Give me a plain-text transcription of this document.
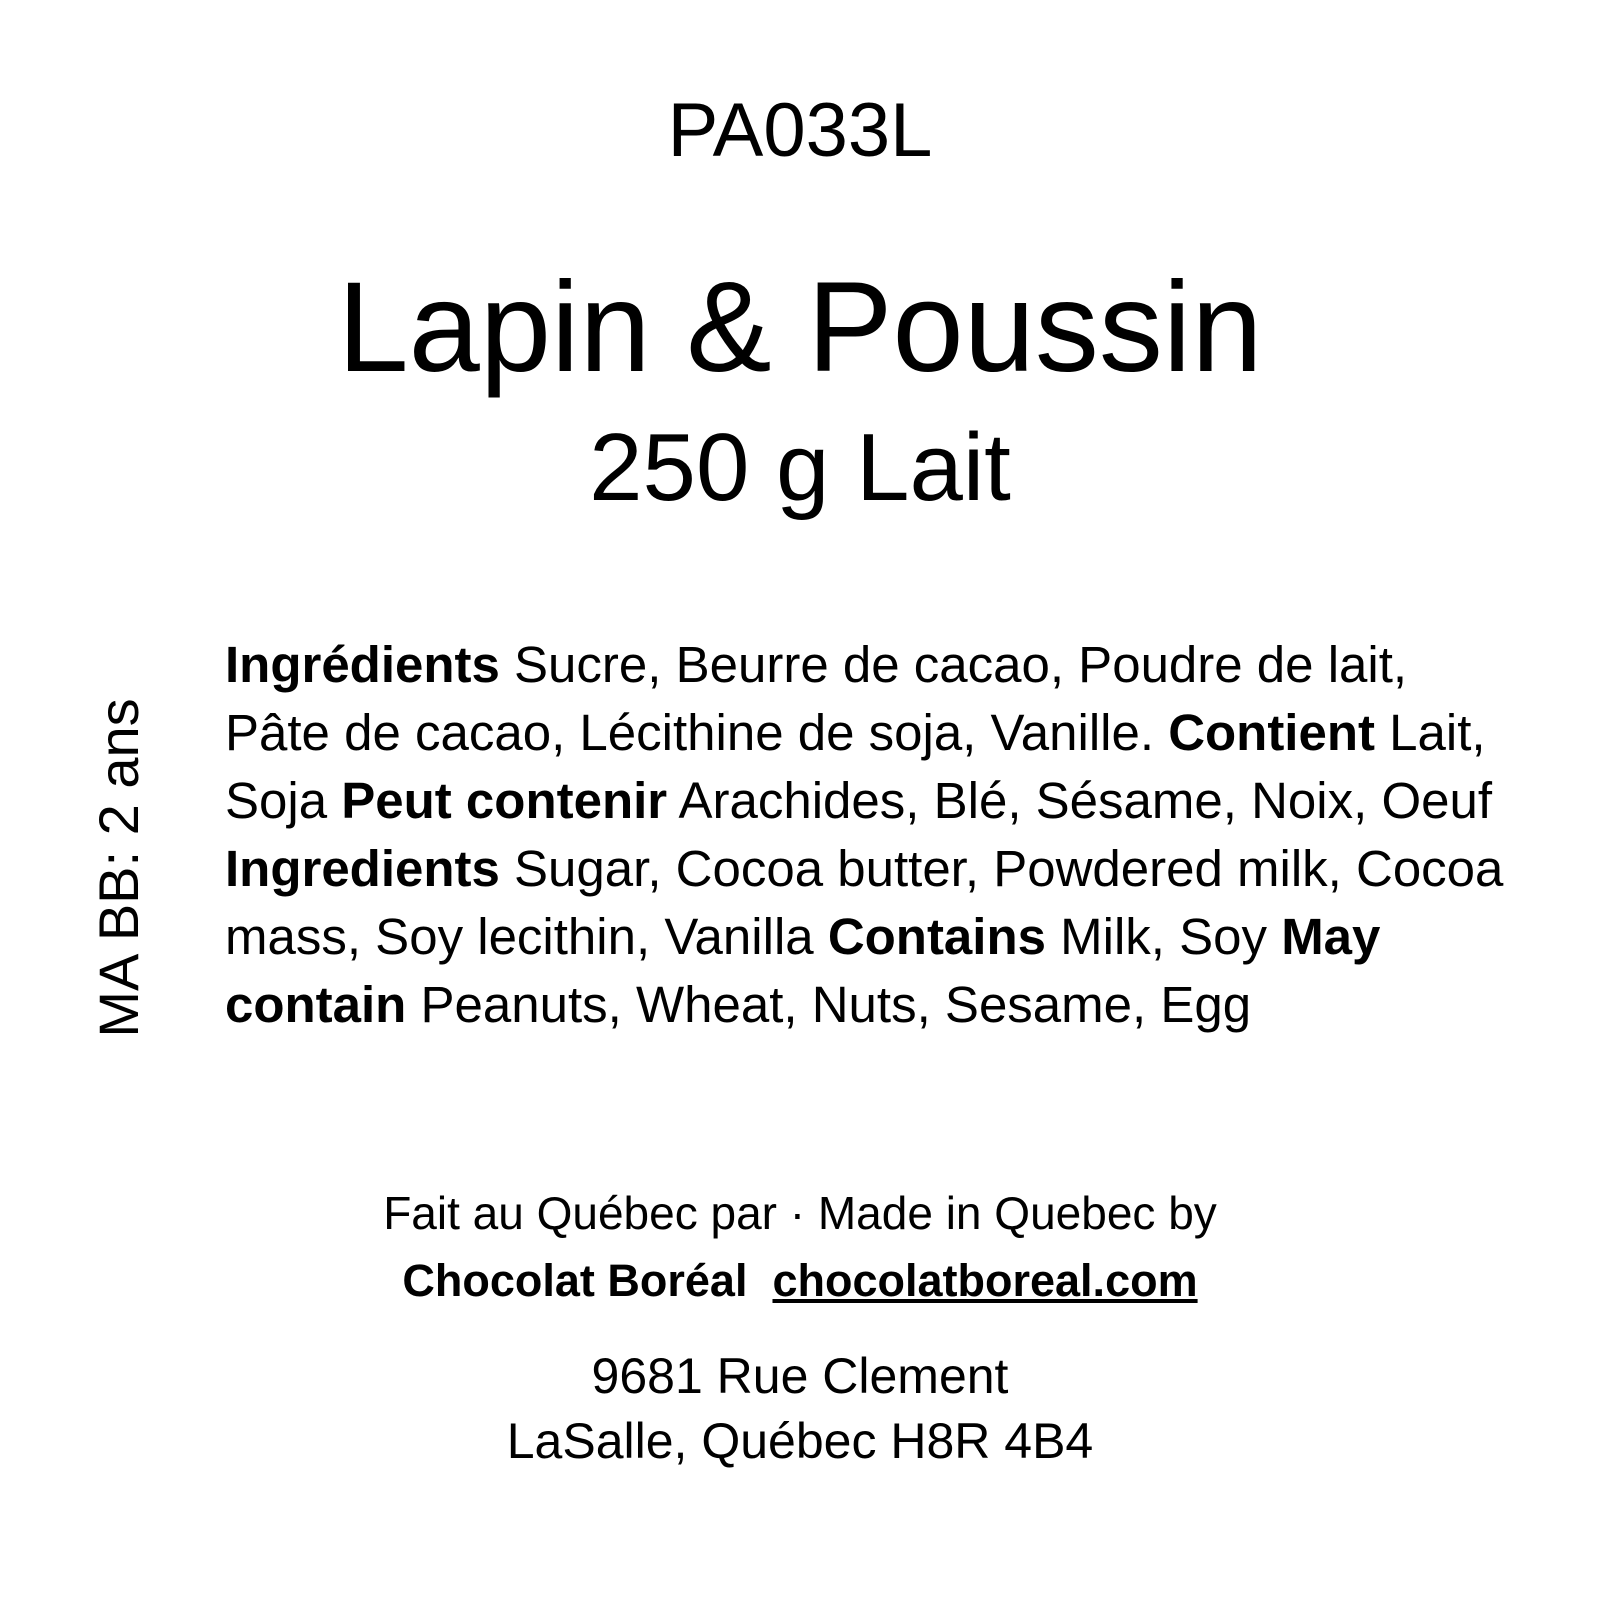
PA033L
Lapin & Poussin
250 g Lait
MA BB: 2 ans
Ingrédients Sucre, Beurre de cacao, Poudre de lait, Pâte de cacao, Lécithine de soja, Vanille. Contient Lait, Soja Peut contenir Arachides, Blé, Sésame, Noix, Oeuf Ingredients Sugar, Cocoa butter, Powdered milk, Cocoa mass, Soy lecithin, Vanilla Contains Milk, Soy May contain Peanuts, Wheat, Nuts, Sesame, Egg
Fait au Québec par · Made in Quebec by
Chocolat Boréal chocolatboreal.com
9681 Rue Clement
LaSalle, Québec H8R 4B4
